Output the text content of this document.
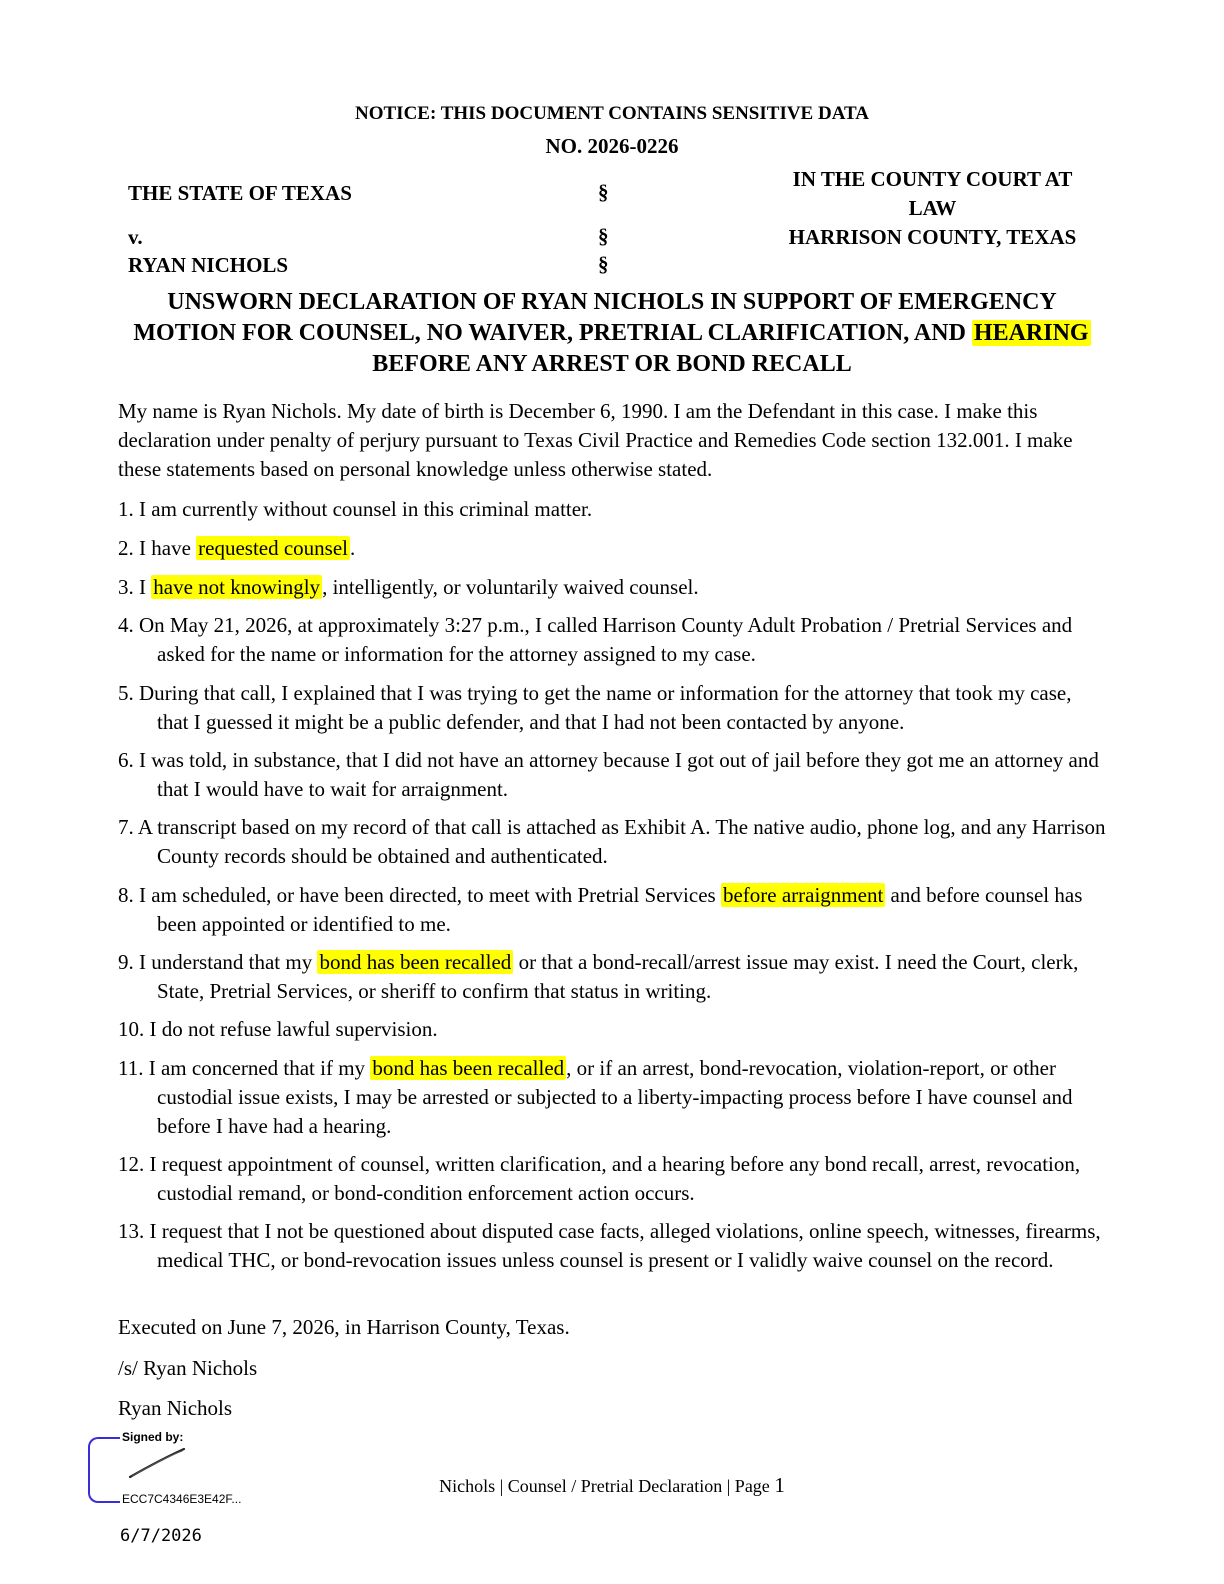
NOTICE: THIS DOCUMENT CONTAINS SENSITIVE DATA
NO. 2026-0226
THE STATE OF TEXAS
v.
RYAN NICHOLS
§
§
§
IN THE COUNTY COURT AT
LAW
HARRISON COUNTY, TEXAS
UNSWORN DECLARATION OF RYAN NICHOLS IN SUPPORT OF EMERGENCY
MOTION FOR COUNSEL, NO WAIVER, PRETRIAL CLARIFICATION, AND HEARING
BEFORE ANY ARREST OR BOND RECALL
My name is Ryan Nichols. My date of birth is December 6, 1990. I am the Defendant in this case. I make this declaration under penalty of perjury pursuant to Texas Civil Practice and Remedies Code section 132.001. I make these statements based on personal knowledge unless otherwise stated.
1. I am currently without counsel in this criminal matter.
2. I have requested counsel.
3. I have not knowingly, intelligently, or voluntarily waived counsel.
4. On May 21, 2026, at approximately 3:27 p.m., I called Harrison County Adult Probation / Pretrial Services and asked for the name or information for the attorney assigned to my case.
5. During that call, I explained that I was trying to get the name or information for the attorney that took my case, that I guessed it might be a public defender, and that I had not been contacted by anyone.
6. I was told, in substance, that I did not have an attorney because I got out of jail before they got me an attorney and that I would have to wait for arraignment.
7. A transcript based on my record of that call is attached as Exhibit A. The native audio, phone log, and any Harrison County records should be obtained and authenticated.
8. I am scheduled, or have been directed, to meet with Pretrial Services before arraignment and before counsel has been appointed or identified to me.
9. I understand that my bond has been recalled or that a bond-recall/arrest issue may exist. I need the Court, clerk, State, Pretrial Services, or sheriff to confirm that status in writing.
10. I do not refuse lawful supervision.
11. I am concerned that if my bond has been recalled, or if an arrest, bond-revocation, violation-report, or other custodial issue exists, I may be arrested or subjected to a liberty-impacting process before I have counsel and before I have had a hearing.
12. I request appointment of counsel, written clarification, and a hearing before any bond recall, arrest, revocation, custodial remand, or bond-condition enforcement action occurs.
13. I request that I not be questioned about disputed case facts, alleged violations, online speech, witnesses, firearms, medical THC, or bond-revocation issues unless counsel is present or I validly waive counsel on the record.
Executed on June 7, 2026, in Harrison County, Texas.
/s/ Ryan Nichols
Ryan Nichols
Signed by:
ECC7C4346E3E42F...
Nichols | Counsel / Pretrial Declaration | Page 1
6/7/2026
